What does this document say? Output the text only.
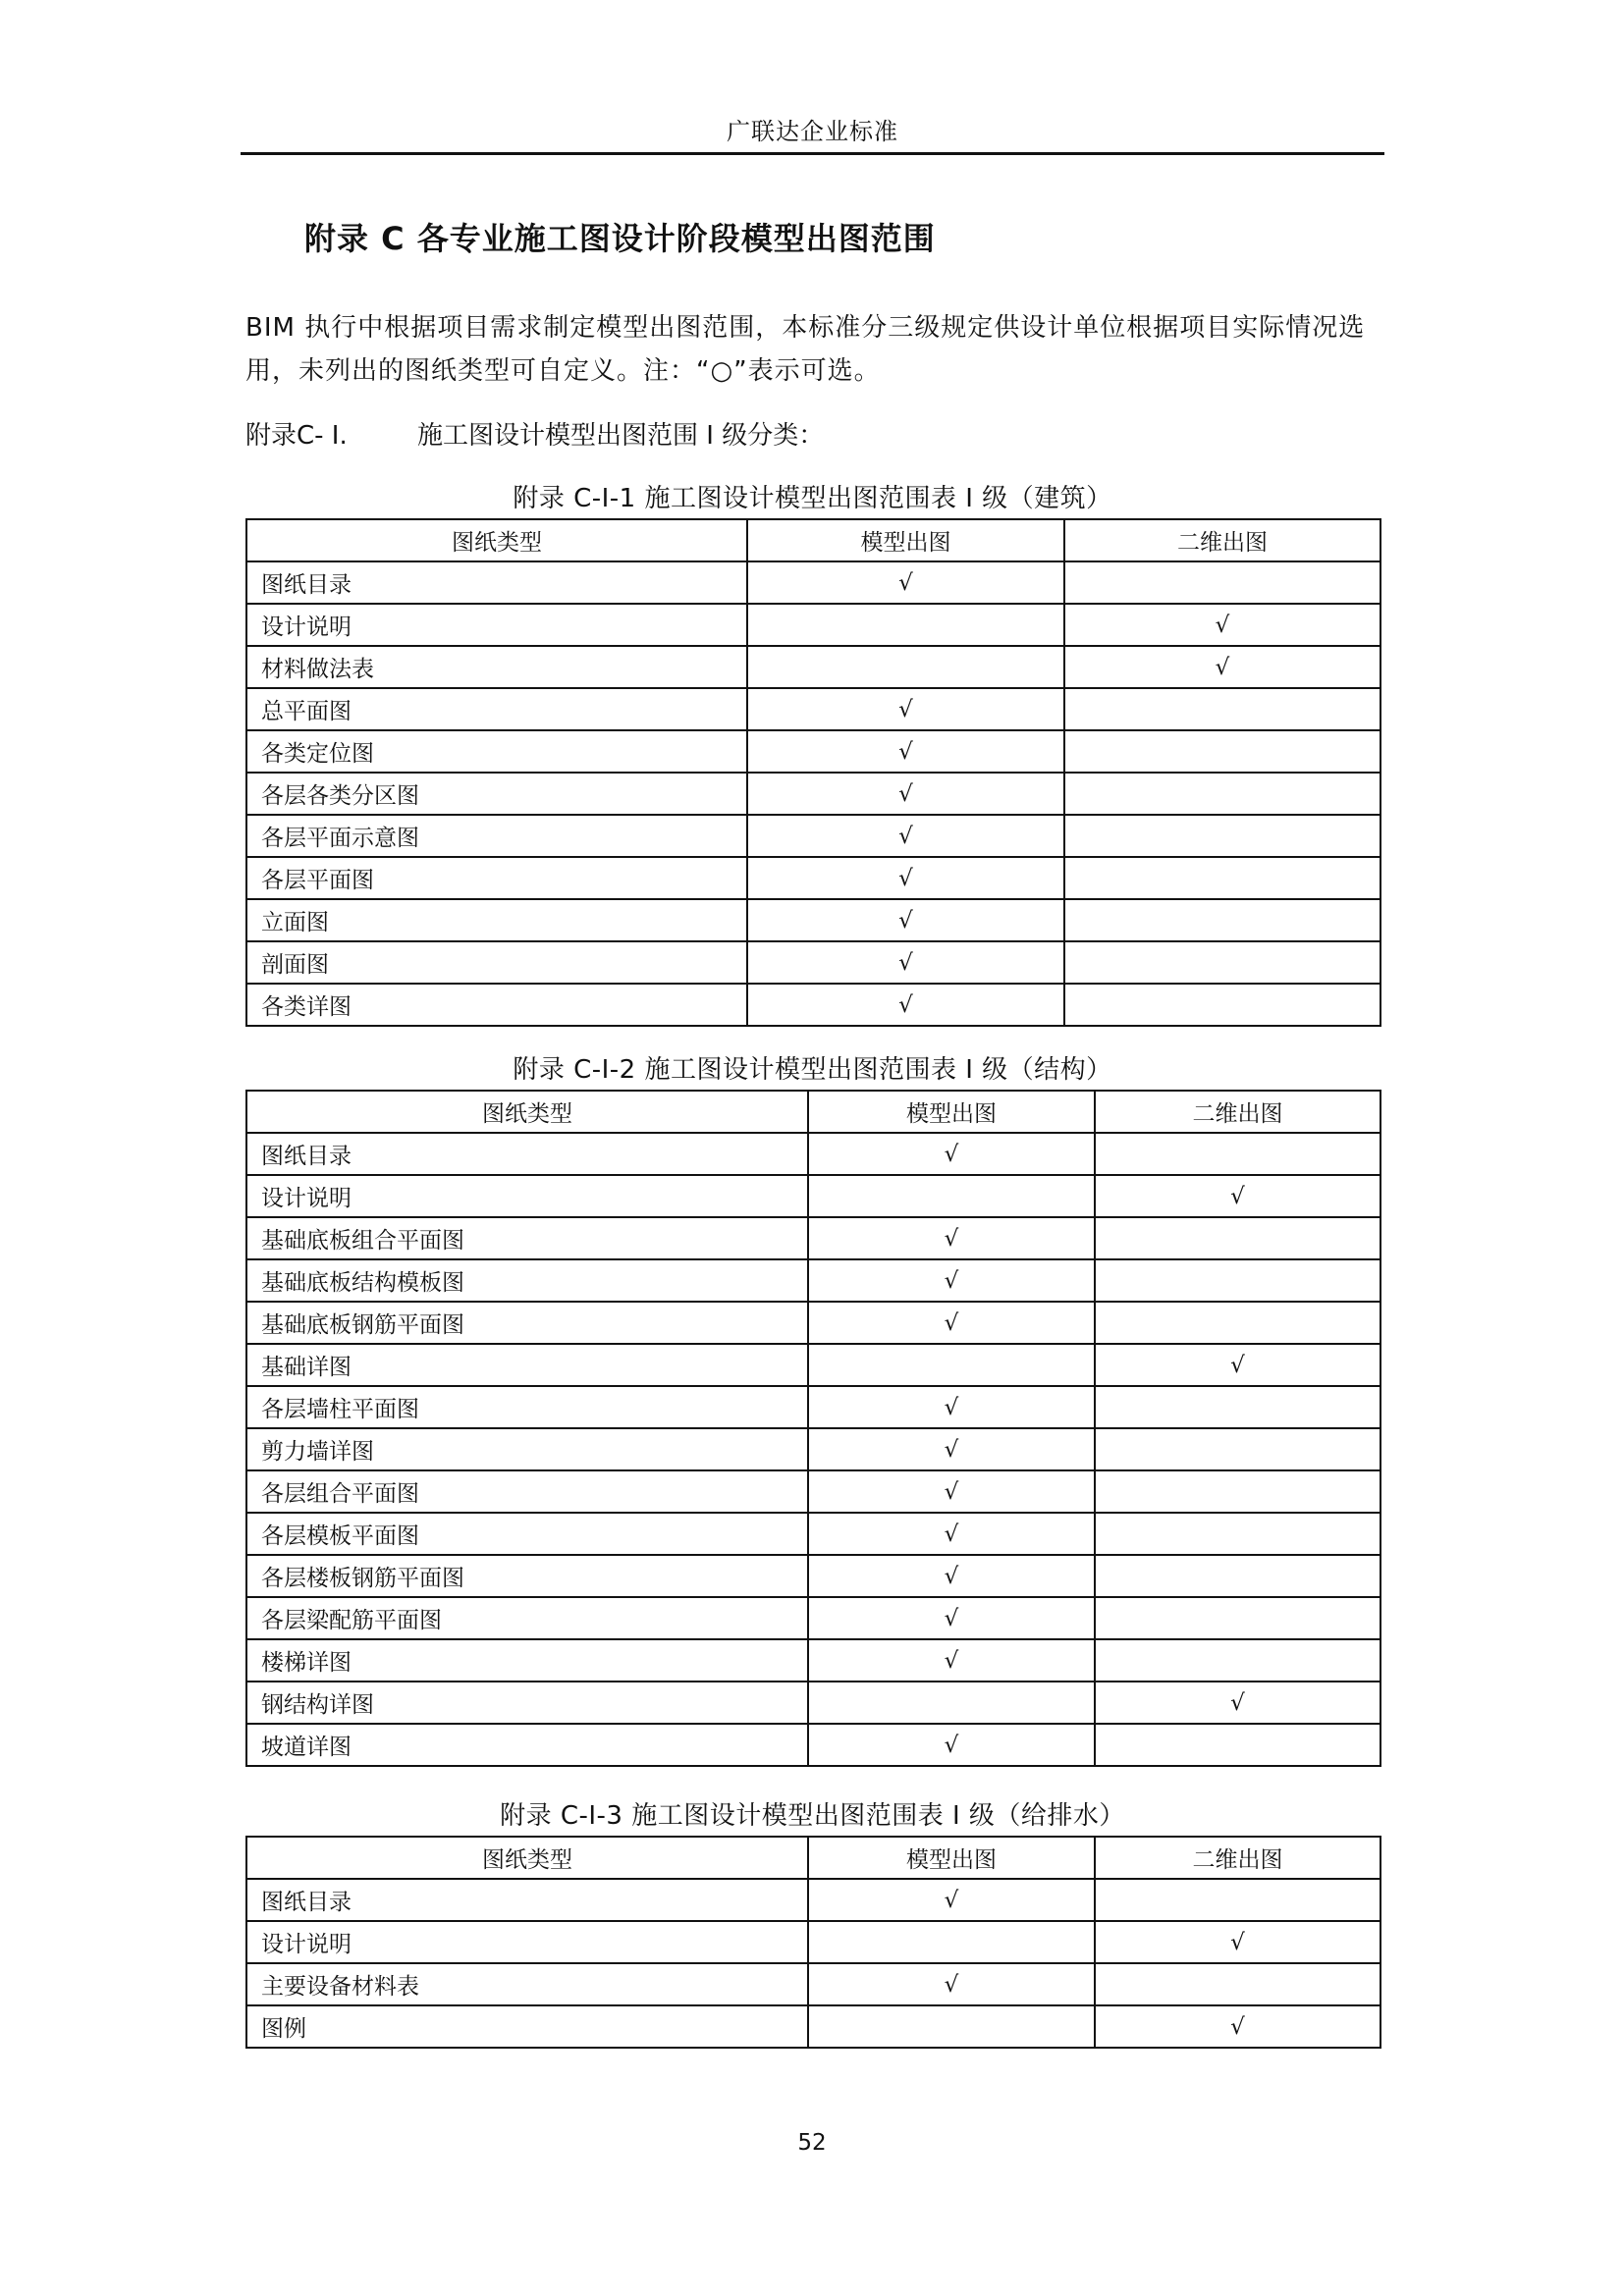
广联达企业标准
附录 C 各专业施工图设计阶段模型出图范围
BIM 执行中根据项目需求制定模型出图范围，本标准分三级规定供设计单位根据项目实际情况选用，未列出的图纸类型可自定义。注：“○”表示可选。
附录C- I.	施工图设计模型出图范围 I 级分类：
附录 C-I-1 施工图设计模型出图范围表 I 级（建筑）
图纸类型	模型出图	二维出图
图纸目录	√	
设计说明		√
材料做法表		√
总平面图	√	
各类定位图	√	
各层各类分区图	√	
各层平面示意图	√	
各层平面图	√	
立面图	√	
剖面图	√	
各类详图	√	
附录 C-I-2 施工图设计模型出图范围表 I 级（结构）
图纸类型	模型出图	二维出图
图纸目录	√	
设计说明		√
基础底板组合平面图	√	
基础底板结构模板图	√	
基础底板钢筋平面图	√	
基础详图		√
各层墙柱平面图	√	
剪力墙详图	√	
各层组合平面图	√	
各层模板平面图	√	
各层楼板钢筋平面图	√	
各层梁配筋平面图	√	
楼梯详图	√	
钢结构详图		√
坡道详图	√	
附录 C-I-3 施工图设计模型出图范围表 I 级（给排水）
图纸类型	模型出图	二维出图
图纸目录	√	
设计说明		√
主要设备材料表	√	
图例		√
52
